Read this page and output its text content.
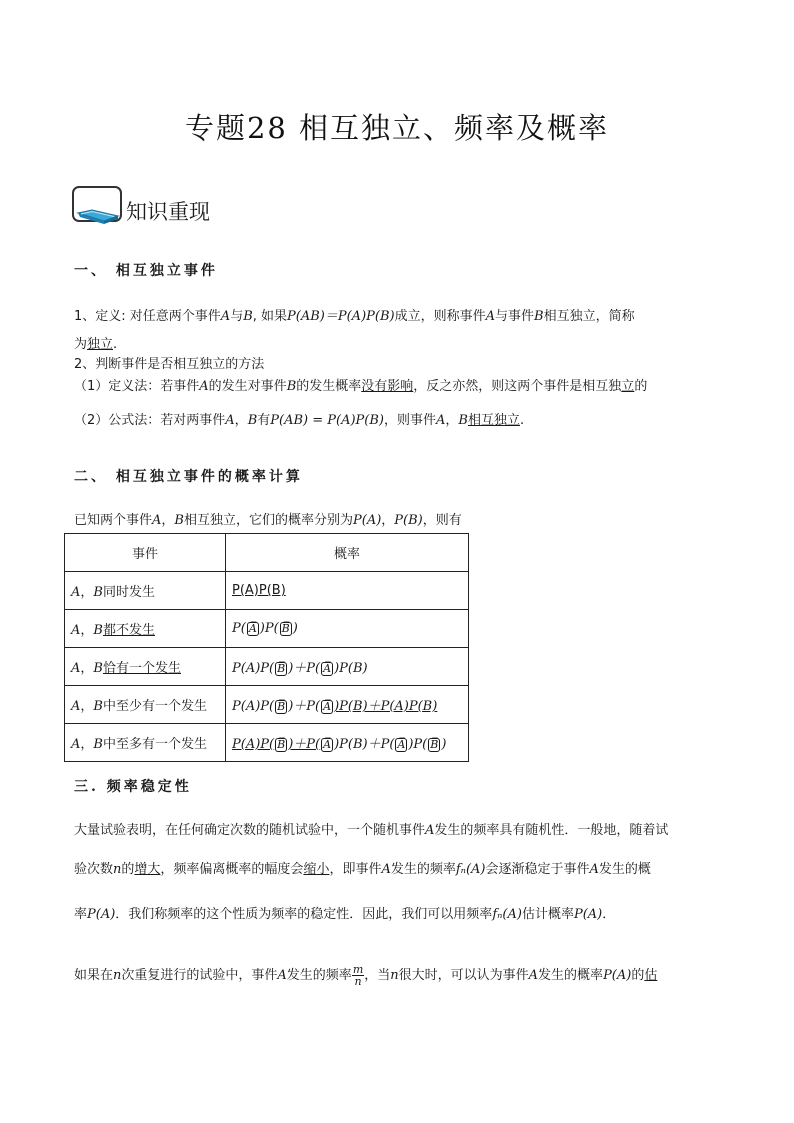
专题28 相互独立、频率及概率
知识重现
一、 相互独立事件
1、定义: 对任意两个事件A与B, 如果P(AB)＝P(A)P(B)成立，则称事件A与事件B相互独立，简称
为独立.
2、判断事件是否相互独立的方法
（1）定义法：若事件A的发生对事件B的发生概率没有影响，反之亦然，则这两个事件是相互独立的
（2）公式法：若对两事件A，B有P(AB) = P(A)P(B)，则事件A，B相互独立.
二、 相互独立事件的概率计算
已知两个事件A，B相互独立，它们的概率分别为P(A)，P(B)，则有
事件	概率
A，B同时发生	P(A)P(B)
A，B都不发生	P( A̅ )P( B̅ )
A，B恰有一个发生	P(A)P( B̅ )＋P( A̅ )P(B)
A，B中至少有一个发生	P(A)P( B̅ )＋P( A̅ )P(B)＋P(A)P(B)
A，B中至多有一个发生	P(A)P( B̅ )＋P( A̅ )P(B)＋P( A̅ )P( B̅ )
三. 频率稳定性
大量试验表明，在任何确定次数的随机试验中，一个随机事件A发生的频率具有随机性．一般地，随着试
验次数n的增大，频率偏离概率的幅度会缩小，即事件A发生的频率fₙ(A)会逐渐稳定于事件A发生的概
率P(A)．我们称频率的这个性质为频率的稳定性．因此，我们可以用频率fₙ(A)估计概率P(A)．
如果在n次重复进行的试验中，事件A发生的频率 $\frac{m}{n}$ ，当n很大时，可以认为事件A发生的概率P(A)的估
